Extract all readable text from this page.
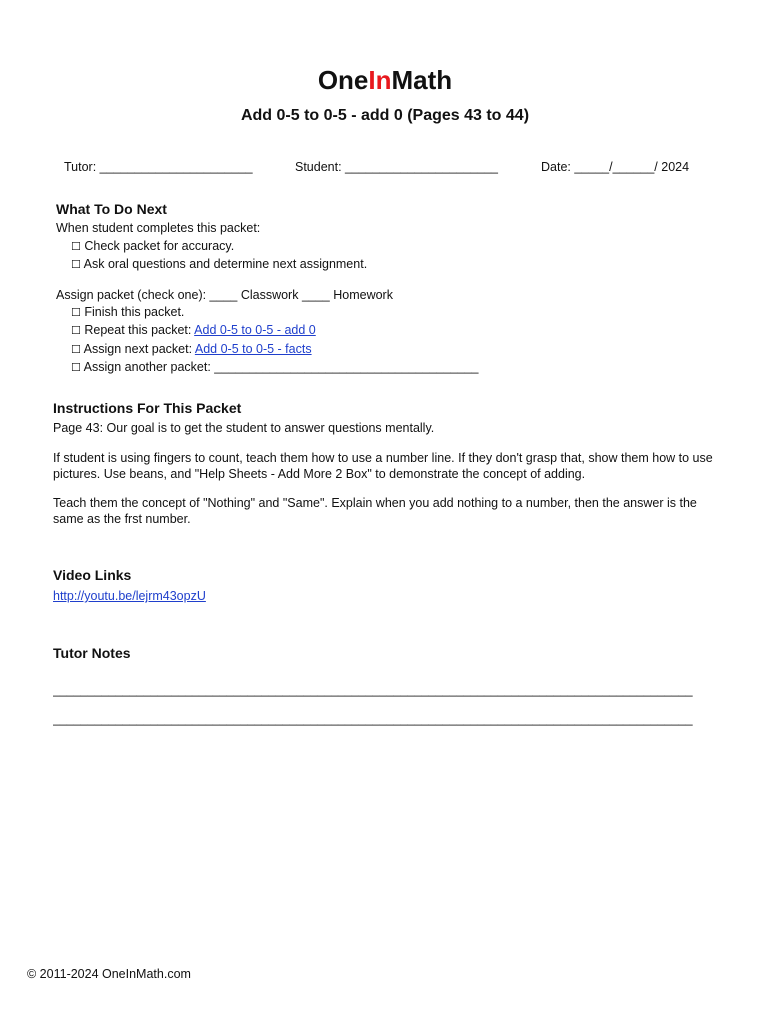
OneInMath
Add 0-5 to 0-5 - add 0 (Pages 43 to 44)
Tutor: ______________________	Student: ______________________	Date: _____/______/ 2024
What To Do Next
When student completes this packet:
☐ Check packet for accuracy.
☐ Ask oral questions and determine next assignment.
Assign packet (check one): ____ Classwork ____ Homework
☐ Finish this packet.
☐ Repeat this packet: Add 0-5 to 0-5 - add 0
☐ Assign next packet: Add 0-5 to 0-5 - facts
☐ Assign another packet: ______________________________________
Instructions For This Packet
Page 43: Our goal is to get the student to answer questions mentally.
If student is using fingers to count, teach them how to use a number line. If they don't grasp that, show them how to use pictures. Use beans, and "Help Sheets - Add More 2 Box" to demonstrate the concept of adding.
Teach them the concept of "Nothing" and "Same". Explain when you add nothing to a number, then the answer is the same as the frst number.
Video Links
http://youtu.be/lejrm43opzU
Tutor Notes
____________________________________________________________________________________________
____________________________________________________________________________________________
© 2011-2024 OneInMath.com
